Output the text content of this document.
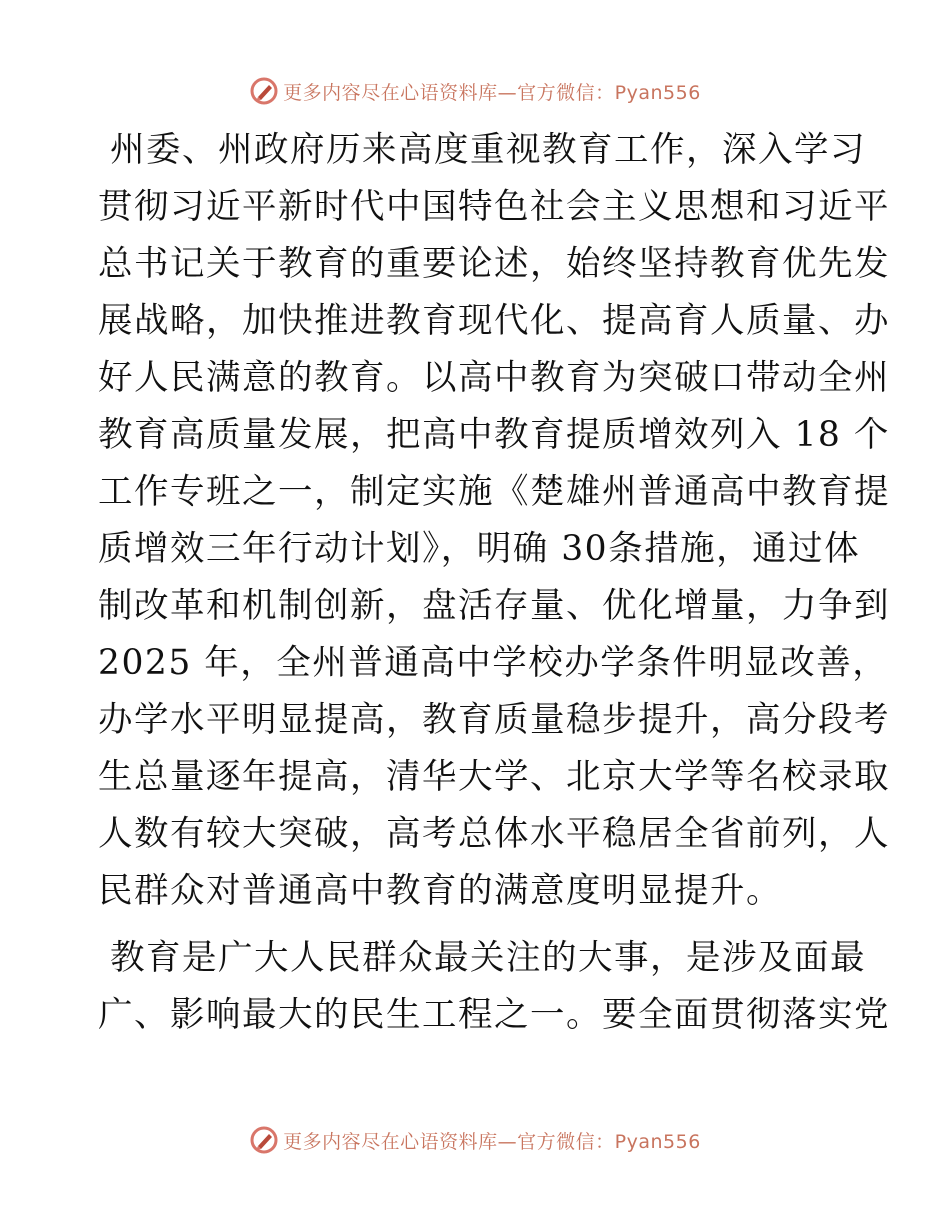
更多内容尽在心语资料库—官方微信：Pyan556
州委、州政府历来高度重视教育工作，深入学习
贯彻习近平新时代中国特色社会主义思想和习近平
总书记关于教育的重要论述，始终坚持教育优先发
展战略，加快推进教育现代化、提高育人质量、办
好人民满意的教育。以高中教育为突破口带动全州
教育高质量发展，把高中教育提质增效列入 18 个
工作专班之一，制定实施《楚雄州普通高中教育提
质增效三年行动计划》，明确 30条措施，通过体
制改革和机制创新，盘活存量、优化增量，力争到
2025 年，全州普通高中学校办学条件明显改善，
办学水平明显提高，教育质量稳步提升，高分段考
生总量逐年提高，清华大学、北京大学等名校录取
人数有较大突破，高考总体水平稳居全省前列，人
民群众对普通高中教育的满意度明显提升。
教育是广大人民群众最关注的大事，是涉及面最
广、影响最大的民生工程之一。要全面贯彻落实党
更多内容尽在心语资料库—官方微信：Pyan556
